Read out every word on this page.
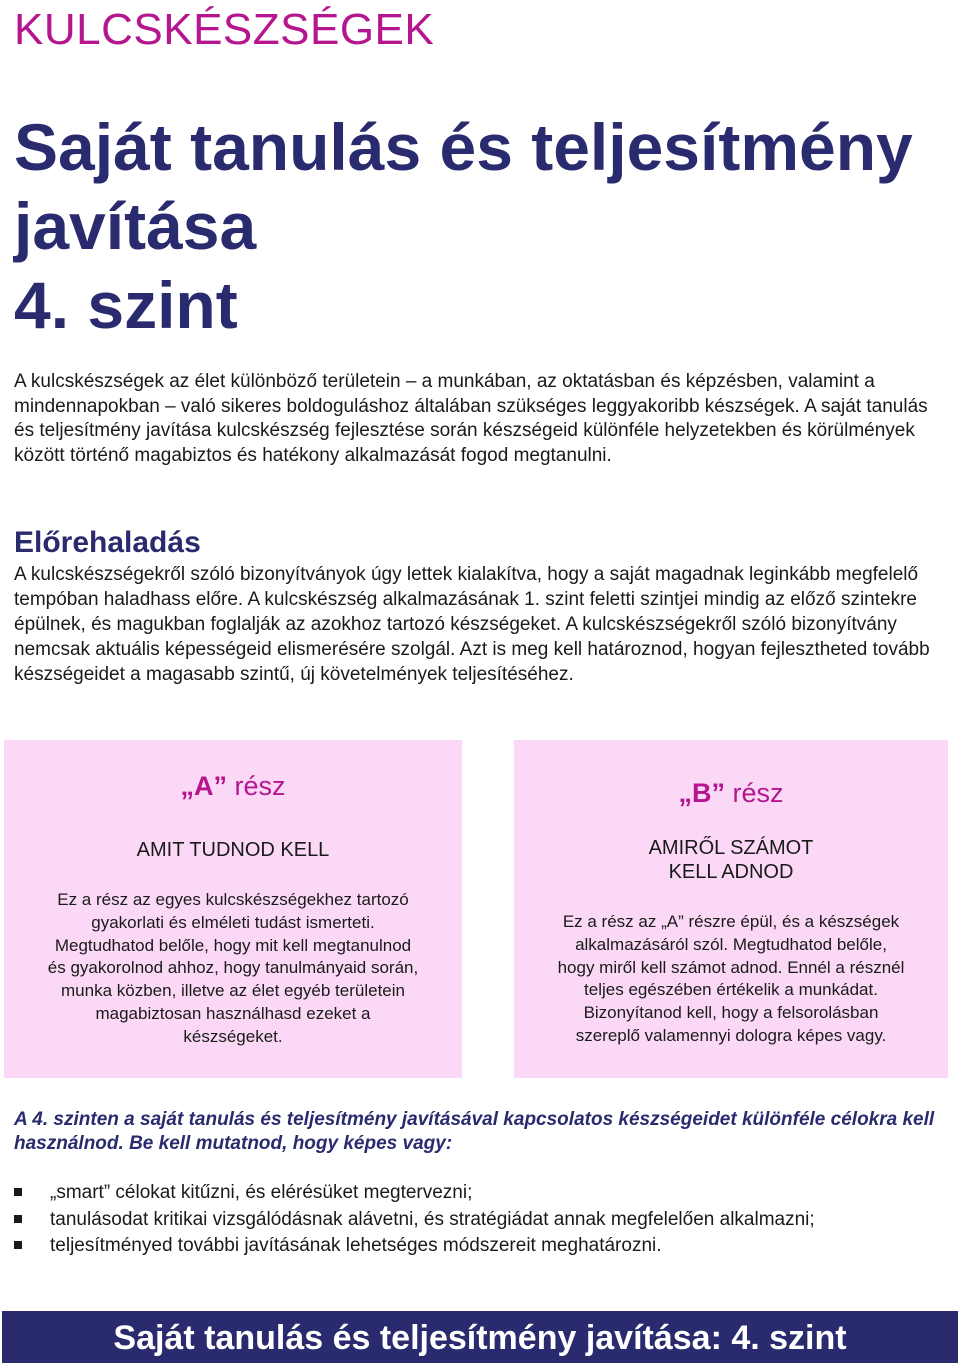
KULCSKÉSZSÉGEK
Saját tanulás és teljesítmény
javítása
4. szint

A kulcskészségek az élet különböző területein – a munkában, az oktatásban és képzésben, valamint a mindennapokban – való sikeres boldoguláshoz általában szükséges leggyakoribb készségek. A saját tanulás és teljesítmény javítása kulcskészség fejlesztése során készségeid különféle helyzetekben és körülmények között történő magabiztos és hatékony alkalmazását fogod megtanulni.

Előrehaladás

A kulcskészségekről szóló bizonyítványok úgy lettek kialakítva, hogy a saját magadnak leginkább megfelelő tempóban haladhass előre. A kulcskészség alkalmazásának 1. szint feletti szintjei mindig az előző szintekre épülnek, és magukban foglalják az azokhoz tartozó készségeket. A kulcskészségekről szóló bizonyítvány nemcsak aktuális képességeid elismerésére szolgál. Azt is meg kell határoznod, hogyan fejlesztheted tovább készségeidet a magasabb szintű, új követelmények teljesítéséhez.

„A” rész
AMIT TUDNOD KELL
Ez a rész az egyes kulcskészségekhez tartozó
gyakorlati és elméleti tudást ismerteti.
Megtudhatod belőle, hogy mit kell megtanulnod
és gyakorolnod ahhoz, hogy tanulmányaid során,
munka közben, illetve az élet egyéb területein
magabiztosan használhasd ezeket a
készségeket.
„B” rész
AMIRŐL SZÁMOT
KELL ADNOD
Ez a rész az „A” részre épül, és a készségek
alkalmazásáról szól. Megtudhatod belőle,
hogy miről kell számot adnod. Ennél a résznél
teljes egészében értékelik a munkádat.
Bizonyítanod kell, hogy a felsorolásban
szereplő valamennyi dologra képes vagy.

A 4. szinten a saját tanulás és teljesítmény javításával kapcsolatos készségeidet különféle célokra kell használnod. Be kell mutatnod, hogy képes vagy:

„smart” célokat kitűzni, és elérésüket megtervezni;
tanulásodat kritikai vizsgálódásnak alávetni, és stratégiádat annak megfelelően alkalmazni;
teljesítményed további javításának lehetséges módszereit meghatározni.
Saját tanulás és teljesítmény javítása: 4. szint
